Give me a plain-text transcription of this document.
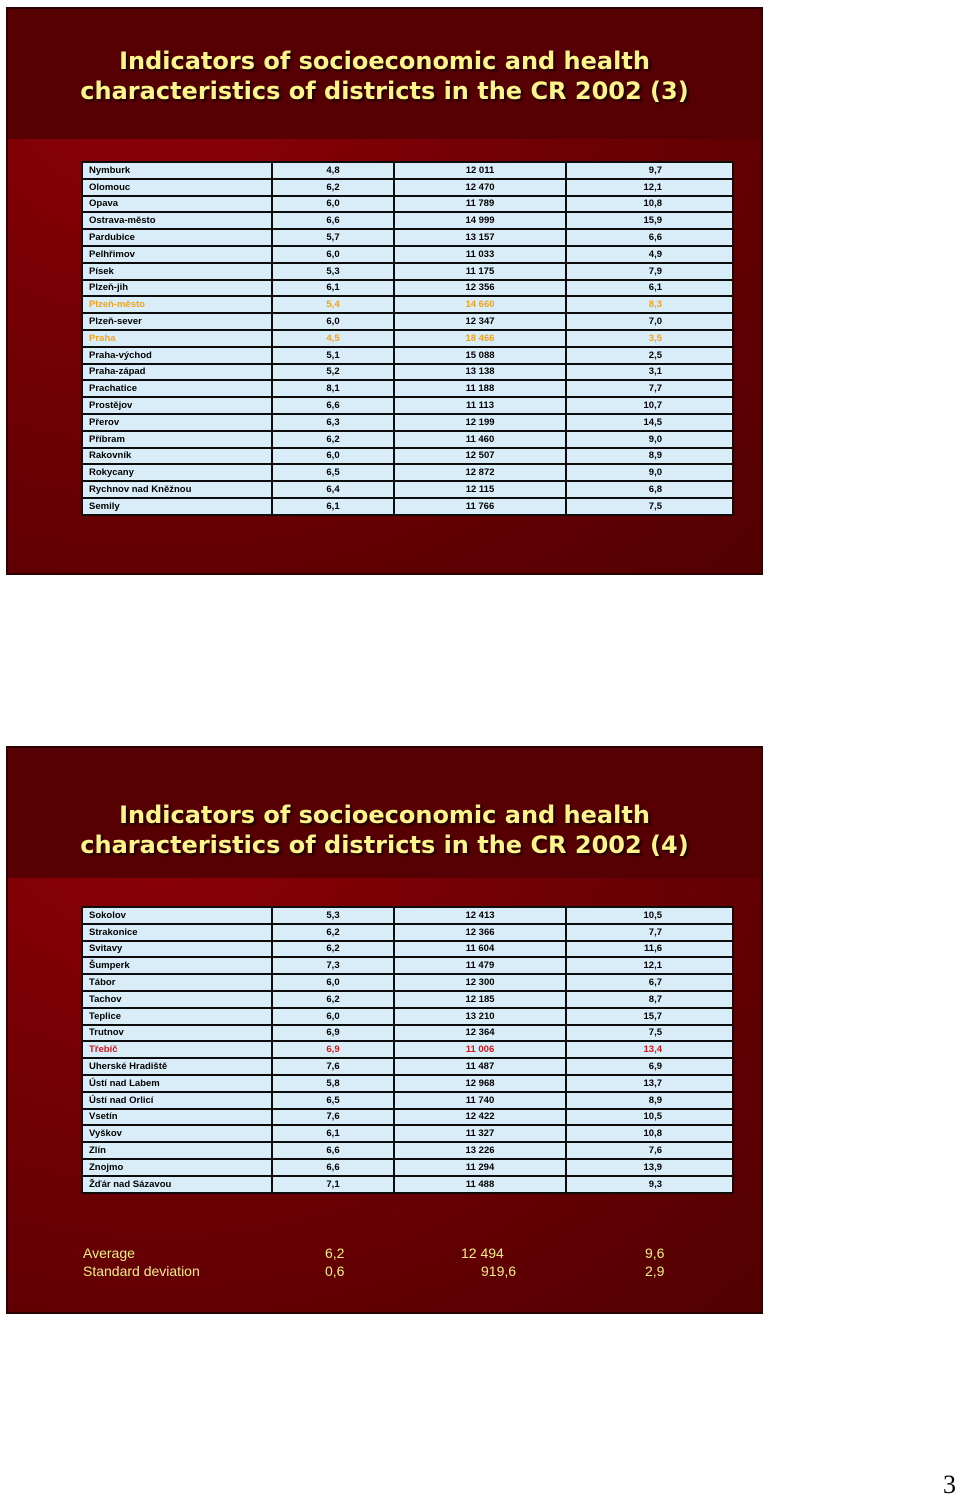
Indicators of socioeconomic and health
characteristics of districts in the CR 2002 (3)
Nymburk	4,8	12 011	9,7
Olomouc	6,2	12 470	12,1
Opava	6,0	11 789	10,8
Ostrava-město	6,6	14 999	15,9
Pardubice	5,7	13 157	6,6
Pelhřimov	6,0	11 033	4,9
Písek	5,3	11 175	7,9
Plzeň-jih	6,1	12 356	6,1
Plzeň-město	5,4	14 660	8,3
Plzeň-sever	6,0	12 347	7,0
Praha	4,5	18 466	3,5
Praha-východ	5,1	15 088	2,5
Praha-západ	5,2	13 138	3,1
Prachatice	8,1	11 188	7,7
Prostějov	6,6	11 113	10,7
Přerov	6,3	12 199	14,5
Příbram	6,2	11 460	9,0
Rakovník	6,0	12 507	8,9
Rokycany	6,5	12 872	9,0
Rychnov nad Kněžnou	6,4	12 115	6,8
Semily	6,1	11 766	7,5
Indicators of socioeconomic and health
characteristics of districts in the CR 2002 (4)
Sokolov	5,3	12 413	10,5
Strakonice	6,2	12 366	7,7
Svitavy	6,2	11 604	11,6
Šumperk	7,3	11 479	12,1
Tábor	6,0	12 300	6,7
Tachov	6,2	12 185	8,7
Teplice	6,0	13 210	15,7
Trutnov	6,9	12 364	7,5
Třebíč	6,9	11 006	13,4
Uherské Hradiště	7,6	11 487	6,9
Ústí nad Labem	5,8	12 968	13,7
Ústí nad Orlicí	6,5	11 740	8,9
Vsetín	7,6	12 422	10,5
Vyškov	6,1	11 327	10,8
Zlín	6,6	13 226	7,6
Znojmo	6,6	11 294	13,9
Žďár nad Sázavou	7,1	11 488	9,3
Average	6,2	12 494	9,6
Standard deviation	0,6	919,6	2,9
3
